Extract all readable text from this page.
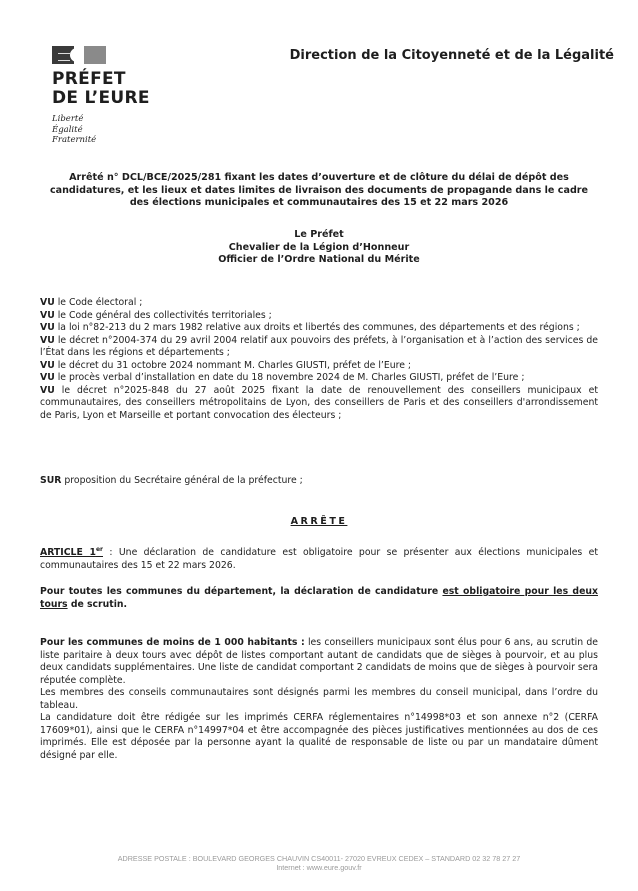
PRÉFET
DE L’EURE
Liberté
Égalité
Fraternité
Direction de la Citoyenneté et de la Légalité
Arrêté n° DCL/BCE/2025/281 fixant les dates d’ouverture et de clôture du délai de dépôt des
candidatures, et les lieux et dates limites de livraison des documents de propagande dans le cadre
des élections municipales et communautaires des 15 et 22 mars 2026
Le Préfet
Chevalier de la Légion d’Honneur
Officier de l’Ordre National du Mérite

VU le Code électoral ;

VU le Code général des collectivités territoriales ;

VU la loi n°82-213 du 2 mars 1982 relative aux droits et libertés des communes, des départements et des régions ;

VU le décret n°2004-374 du 29 avril 2004 relatif aux pouvoirs des préfets, à l’organisation et à l’action des services de l’État dans les régions et départements ;

VU le décret du 31 octobre 2024 nommant M. Charles GIUSTI, préfet de l’Eure ;

VU le procès verbal d’installation en date du 18 novembre 2024 de M. Charles GIUSTI, préfet de l’Eure ;

VU le décret n°2025-848 du 27 août 2025 fixant la date de renouvellement des conseillers municipaux et communautaires, des conseillers métropolitains de Lyon, des conseillers de Paris et des conseillers d'arrondissement de Paris, Lyon et Marseille et portant convocation des électeurs ;

SUR proposition du Secrétaire général de la préfecture ;

ARRÊTE

ARTICLE 1er : Une déclaration de candidature est obligatoire pour se présenter aux élections municipales et communautaires des 15 et 22 mars 2026.

Pour toutes les communes du département, la déclaration de candidature est obligatoire pour les deux tours de scrutin.

Pour les communes de moins de 1 000 habitants : les conseillers municipaux sont élus pour 6 ans, au scrutin de liste paritaire à deux tours avec dépôt de listes comportant autant de candidats que de sièges à pourvoir, et au plus deux candidats supplémentaires. Une liste de candidat comportant 2 candidats de moins que de sièges à pourvoir sera réputée complète.

Les membres des conseils communautaires sont désignés parmi les membres du conseil municipal, dans l’ordre du tableau.

La candidature doit être rédigée sur les imprimés CERFA réglementaires n°14998*03 et son annexe n°2 (CERFA 17609*01), ainsi que le CERFA n°14997*04 et être accompagnée des pièces justificatives mentionnées au dos de ces imprimés. Elle est déposée par la personne ayant la qualité de responsable de liste ou par un mandataire dûment désigné par elle.

ADRESSE POSTALE : BOULEVARD GEORGES CHAUVIN CS40011- 27020 EVREUX CEDEX – STANDARD 02 32 78 27 27
Internet : www.eure.gouv.fr
